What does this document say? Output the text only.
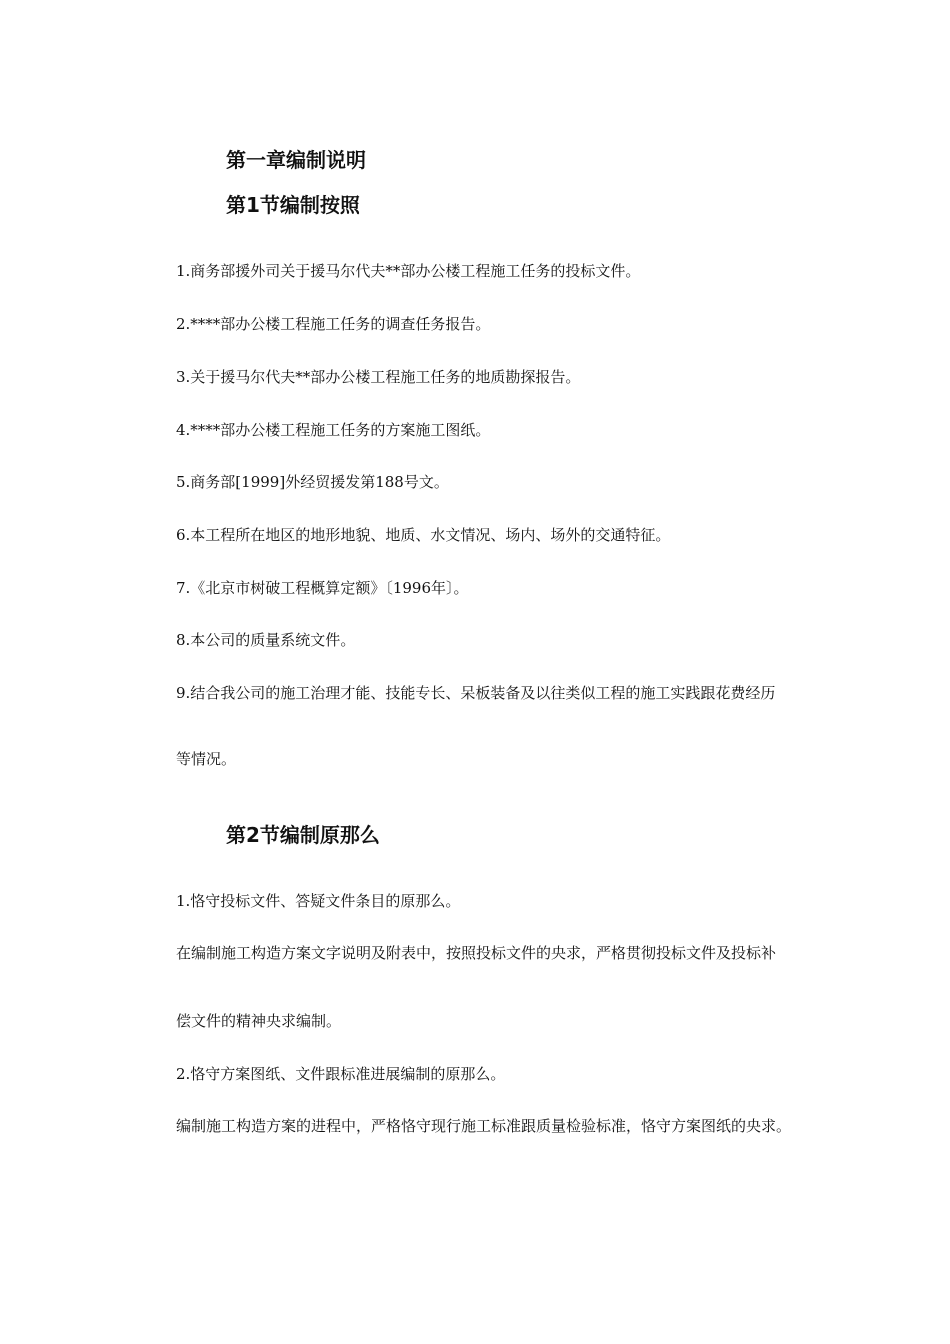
第一章编制说明
第1节编制按照

1.商务部援外司关于援马尔代夫**部办公楼工程施工任务的投标文件。

2.****部办公楼工程施工任务的调查任务报告。

3.关于援马尔代夫**部办公楼工程施工任务的地质勘探报告。

4.****部办公楼工程施工任务的方案施工图纸。

5.商务部[1999]外经贸援发第188号文。

6.本工程所在地区的地形地貌、地质、水文情况、场内、场外的交通特征。

7.《北京市树破工程概算定额》〔1996年〕。

8.本公司的质量系统文件。

9.结合我公司的施工治理才能、技能专长、呆板装备及以往类似工程的施工实践跟花费经历

等情况。

第2节编制原那么

1.恪守投标文件、答疑文件条目的原那么。

在编制施工构造方案文字说明及附表中，按照投标文件的央求，严格贯彻投标文件及投标补

偿文件的精神央求编制。

2.恪守方案图纸、文件跟标准进展编制的原那么。

编制施工构造方案的进程中，严格恪守现行施工标准跟质量检验标准，恪守方案图纸的央求。
